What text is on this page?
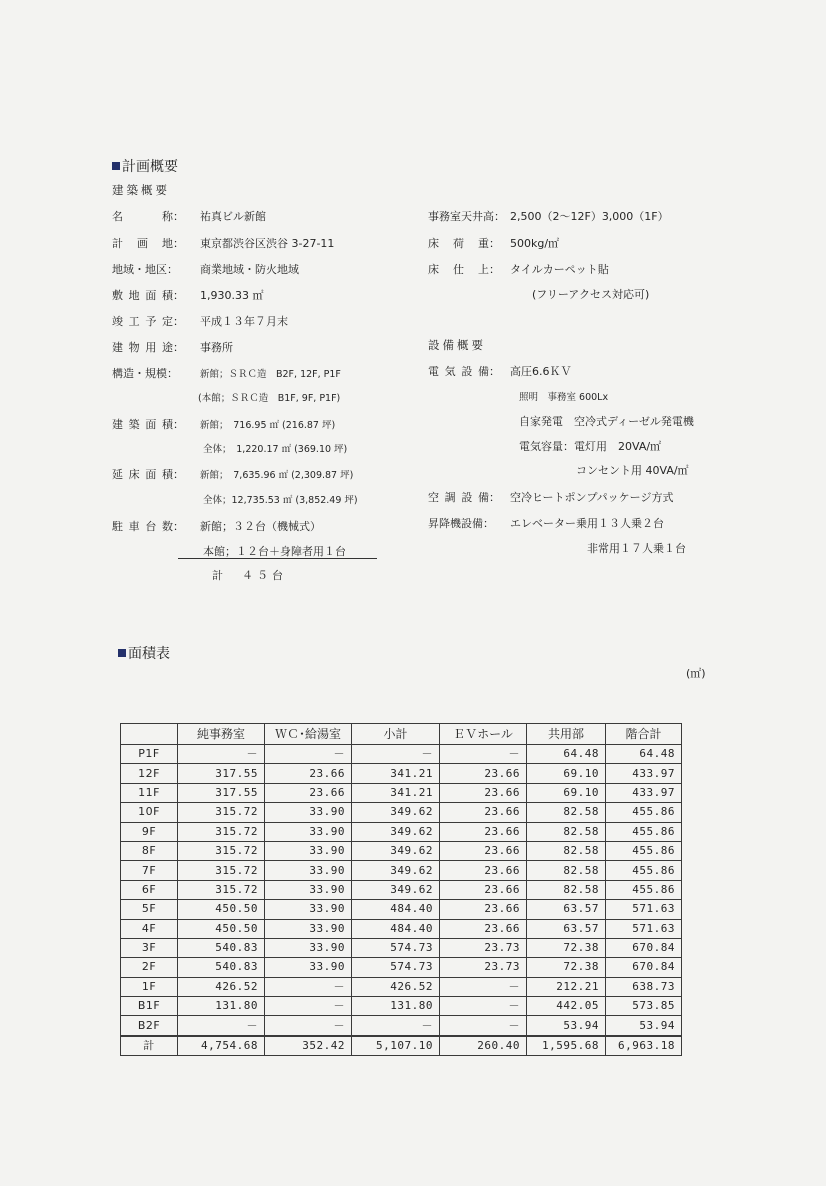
計画概要
建築概要
名	称： 祐真ビル新館
計 画 地： 東京都渋谷区渋谷 3-27-11
地域・地区： 商業地域・防火地域
敷 地 面 積： 1,930.33 ㎡
竣 工 予 定： 平成１３年７月末
建 物 用 途： 事務所
構造・規模： 新館；ＳＲＣ造　B2F, 12F, P1F
(本館；ＳＲＣ造　B1F, 9F, P1F)
建 築 面 積： 新館；　716.95 ㎡ (216.87 坪)
全体；　1,220.17 ㎡ (369.10 坪)
延 床 面 積： 新館；　7,635.96 ㎡ (2,309.87 坪)
全体；12,735.53 ㎡ (3,852.49 坪)
駐 車 台 数： 新館；３２台（機械式）
本館；１２台＋身障者用１台
計　４５台
事務室天井高： 2,500（2～12F）3,000（1F）
床 荷 重： 500kg/㎡
床 仕 上： タイルカーペット貼
(フリーアクセス対応可)
設備概要
電 気 設 備： 高圧6.6ＫＶ
照明　事務室 600Lx
自家発電　空冷式ディーゼル発電機
電気容量：電灯用　20VA/㎡
コンセント用 40VA/㎡
空 調 設 備： 空冷ヒートポンプパッケージ方式
昇降機設備： エレベーター乗用１３人乗２台
非常用１７人乗１台
面積表
(㎡)
	純事務室	ＷＣ･給湯室	小計	ＥＶホール	共用部	階合計
P1F	－	－	－	－	64.48	64.48
12F	317.55	23.66	341.21	23.66	69.10	433.97
11F	317.55	23.66	341.21	23.66	69.10	433.97
10F	315.72	33.90	349.62	23.66	82.58	455.86
9F	315.72	33.90	349.62	23.66	82.58	455.86
8F	315.72	33.90	349.62	23.66	82.58	455.86
7F	315.72	33.90	349.62	23.66	82.58	455.86
6F	315.72	33.90	349.62	23.66	82.58	455.86
5F	450.50	33.90	484.40	23.66	63.57	571.63
4F	450.50	33.90	484.40	23.66	63.57	571.63
3F	540.83	33.90	574.73	23.73	72.38	670.84
2F	540.83	33.90	574.73	23.73	72.38	670.84
1F	426.52	－	426.52	－	212.21	638.73
B1F	131.80	－	131.80	－	442.05	573.85
B2F	－	－	－	－	53.94	53.94
計	4,754.68	352.42	5,107.10	260.40	1,595.68	6,963.18
